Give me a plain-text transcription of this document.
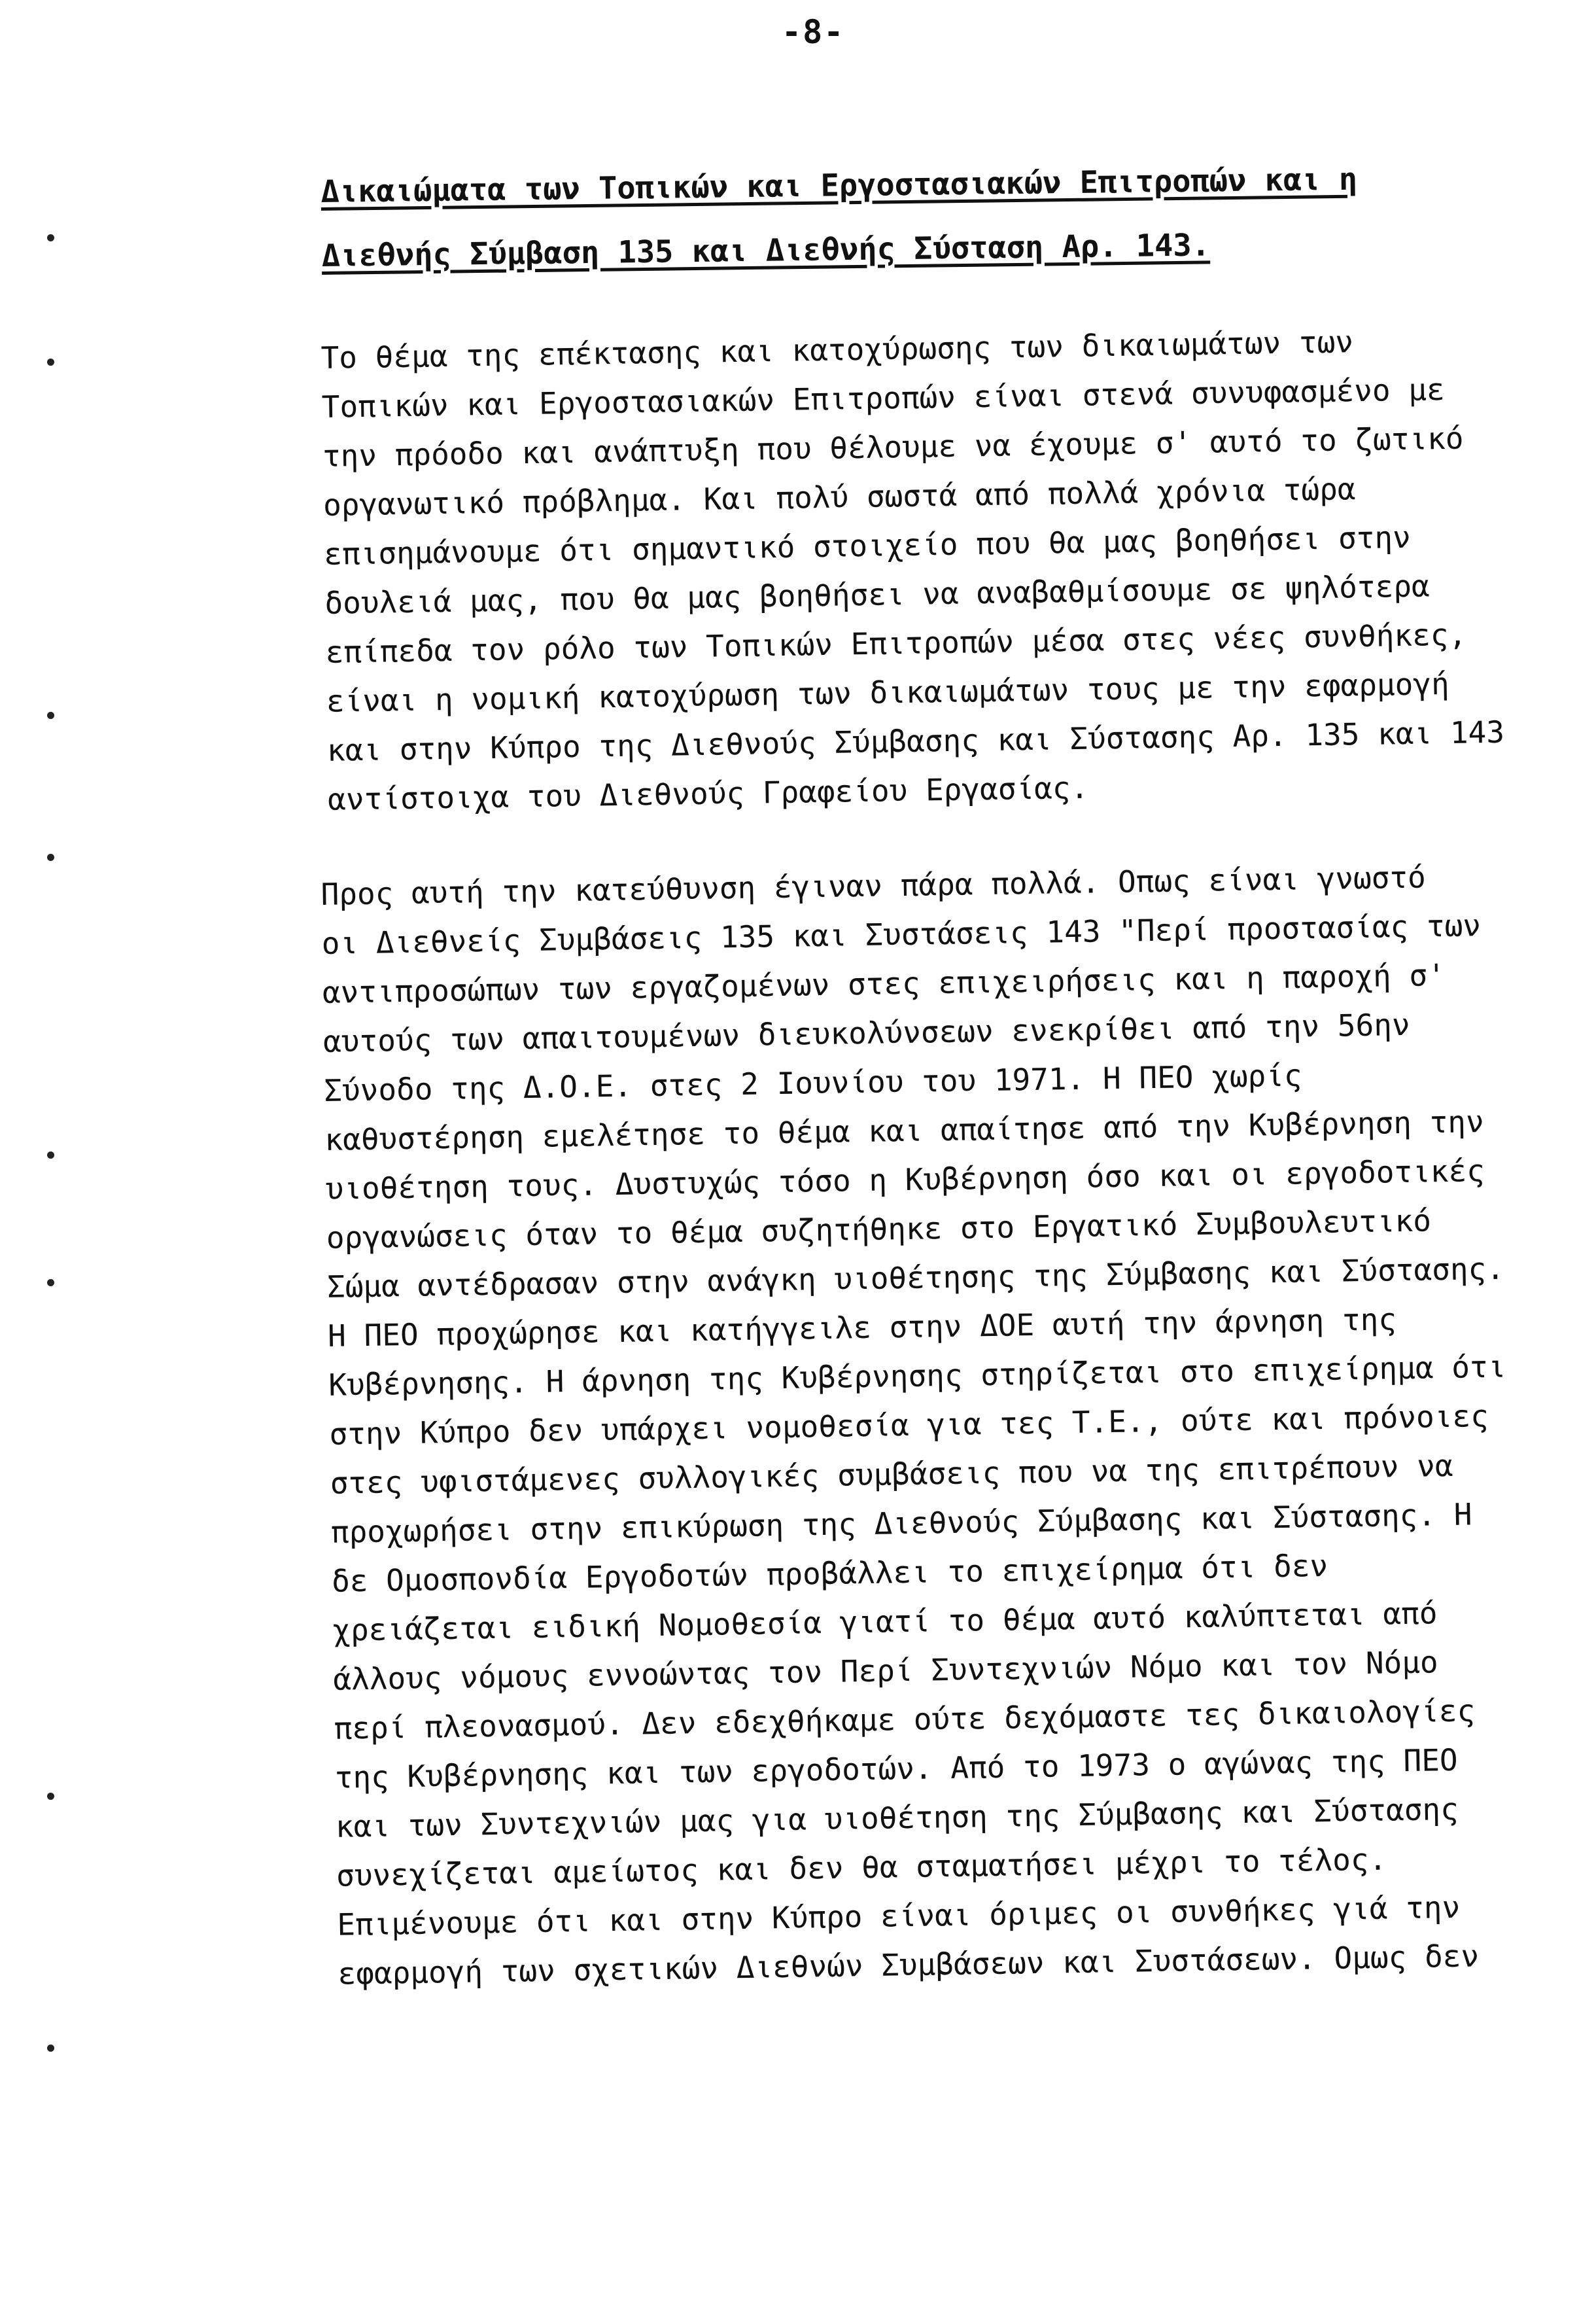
-8-
Δικαιώματα των Τοπικών και Εργοστασιακών Επιτροπών και η
Διεθνής Σύμβαση 135 και Διεθνής Σύσταση Αρ. 143.
Το θέμα της επέκτασης και κατοχύρωσης των δικαιωμάτων των
Τοπικών και Εργοστασιακών Επιτροπών είναι στενά συνυφασμένο με
την πρόοδο και ανάπτυξη που θέλουμε να έχουμε σ' αυτό το ζωτικό
οργανωτικό πρόβλημα. Και πολύ σωστά από πολλά χρόνια τώρα
επισημάνουμε ότι σημαντικό στοιχείο που θα μας βοηθήσει στην
δουλειά μας, που θα μας βοηθήσει να αναβαθμίσουμε σε ψηλότερα
επίπεδα τον ρόλο των Τοπικών Επιτροπών μέσα στες νέες συνθήκες,
είναι η νομική κατοχύρωση των δικαιωμάτων τους με την εφαρμογή
και στην Κύπρο της Διεθνούς Σύμβασης και Σύστασης Αρ. 135 και 143
αντίστοιχα του Διεθνούς Γραφείου Εργασίας.
Προς αυτή την κατεύθυνση έγιναν πάρα πολλά. Οπως είναι γνωστό
οι Διεθνείς Συμβάσεις 135 και Συστάσεις 143 "Περί προστασίας των
αντιπροσώπων των εργαζομένων στες επιχειρήσεις και η παροχή σ'
αυτούς των απαιτουμένων διευκολύνσεων ενεκρίθει από την 56ην
Σύνοδο της Δ.Ο.Ε. στες 2 Ιουνίου του 1971. Η ΠΕΟ χωρίς
καθυστέρηση εμελέτησε το θέμα και απαίτησε από την Κυβέρνηση την
υιοθέτηση τους. Δυστυχώς τόσο η Κυβέρνηση όσο και οι εργοδοτικές
οργανώσεις όταν το θέμα συζητήθηκε στο Εργατικό Συμβουλευτικό
Σώμα αντέδρασαν στην ανάγκη υιοθέτησης της Σύμβασης και Σύστασης.
Η ΠΕΟ προχώρησε και κατήγγειλε στην ΔΟΕ αυτή την άρνηση της
Κυβέρνησης. Η άρνηση της Κυβέρνησης στηρίζεται στο επιχείρημα ότι
στην Κύπρο δεν υπάρχει νομοθεσία για τες Τ.Ε., ούτε και πρόνοιες
στες υφιστάμενες συλλογικές συμβάσεις που να της επιτρέπουν να
προχωρήσει στην επικύρωση της Διεθνούς Σύμβασης και Σύστασης. Η
δε Ομοσπονδία Εργοδοτών προβάλλει το επιχείρημα ότι δεν
χρειάζεται ειδική Νομοθεσία γιατί το θέμα αυτό καλύπτεται από
άλλους νόμους εννοώντας τον Περί Συντεχνιών Νόμο και τον Νόμο
περί πλεονασμού. Δεν εδεχθήκαμε ούτε δεχόμαστε τες δικαιολογίες
της Κυβέρνησης και των εργοδοτών. Από το 1973 ο αγώνας της ΠΕΟ
και των Συντεχνιών μας για υιοθέτηση της Σύμβασης και Σύστασης
συνεχίζεται αμείωτος και δεν θα σταματήσει μέχρι το τέλος.
Επιμένουμε ότι και στην Κύπρο είναι όριμες οι συνθήκες γιά την
εφαρμογή των σχετικών Διεθνών Συμβάσεων και Συστάσεων. Ομως δεν
